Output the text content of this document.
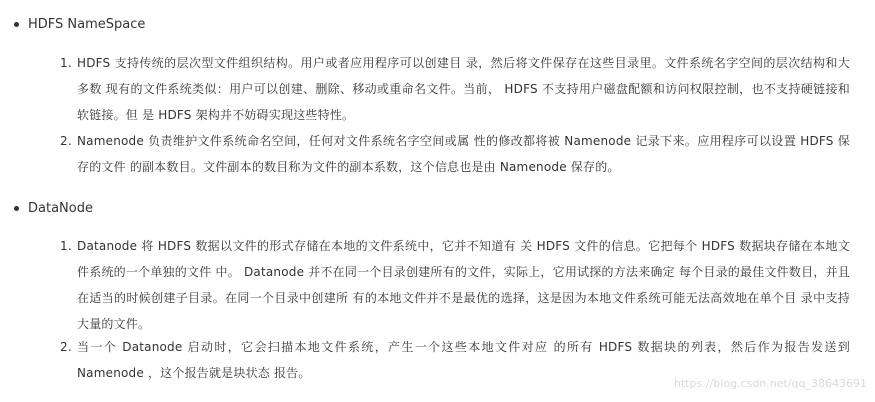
HDFS NameSpace
1. HDFS 支持传统的层次型文件组织结构。用户或者应用程序可以创建目 录，然后将文件保存在这些目录里。文件系统名字空间的层次结构和大多数 现有的文件系统类似：用户可以创建、删除、移动或重命名文件。当前， HDFS 不支持用户磁盘配额和访问权限控制，也不支持硬链接和软链接。但 是 HDFS 架构并不妨碍实现这些特性。
2. Namenode 负责维护文件系统命名空间，任何对文件系统名字空间或属 性的修改都将被 Namenode 记录下来。应用程序可以设置 HDFS 保存的文件 的副本数目。文件副本的数目称为文件的副本系数，这个信息也是由 Namenode 保存的。
DataNode
1. Datanode 将 HDFS 数据以文件的形式存储在本地的文件系统中，它并不知道有 关 HDFS 文件的信息。它把每个 HDFS 数据块存储在本地文件系统的一个单独的文件 中。 Datanode 并不在同一个目录创建所有的文件，实际上，它用试探的方法来确定 每个目录的最佳文件数目，并且在适当的时候创建子目录。在同一个目录中创建所 有的本地文件并不是最优的选择，这是因为本地文件系统可能无法高效地在单个目 录中支持大量的文件。
2. 当一个 Datanode 启动时，它会扫描本地文件系统，产生一个这些本地文件对应 的所有 HDFS 数据块的列表，然后作为报告发送到 Namenode ，这个报告就是块状态 报告。
https://blog.csdn.net/qq_38643691
